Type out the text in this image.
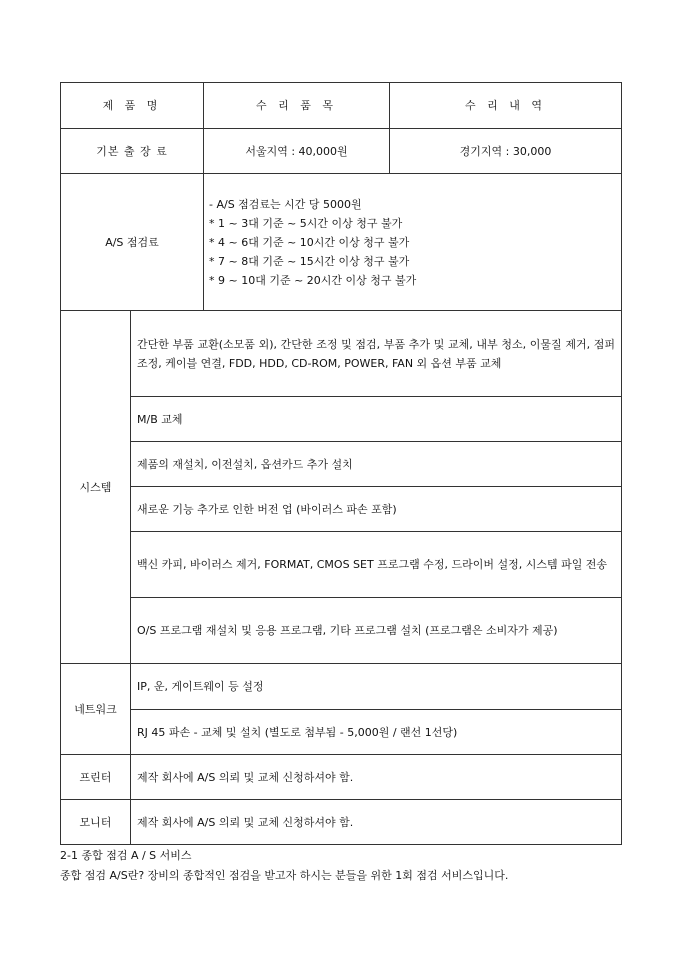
제 품 명		수 리 품 목	수 리 내 역
기본 출 장 료		서울지역 : 40,000원	경기지역 : 30,000
A/S 점검료		- A/S 점검료는 시간 당 5000원
* 1 ~ 3대 기준 ~ 5시간 이상 청구 불가
* 4 ~ 6대 기준 ~ 10시간 이상 청구 불가
* 7 ~ 8대 기준 ~ 15시간 이상 청구 불가
* 9 ~ 10대 기준 ~ 20시간 이상 청구 불가	

시스템	간단한 부품 교환(소모품 외), 간단한 조정 및 점검, 부품 추가 및 교체, 내부 청소, 이물질 제거, 점퍼 조정, 케이블 연결, FDD, HDD, CD-ROM, POWER, FAN 외 옵션 부품 교체		
	M/B 교체		
	제품의 재설치, 이전설치, 옵션카드 추가 설치		
	새로운 기능 추가로 인한 버전 업 (바이러스 파손 포함)		
	백신 카피, 바이러스 제거, FORMAT, CMOS SET 프로그램 수정, 드라이버 설정, 시스템 파일 전송		
	O/S 프로그램 재설치 및 응용 프로그램, 기타 프로그램 설치 (프로그램은 소비자가 제공)		
네트워크	IP, 운, 게이트웨이 등 설정		
	RJ 45 파손 - 교체 및 설치 (별도로 첨부됨 - 5,000원 / 랜선 1선당)		
프린터	제작 회사에 A/S 의뢰 및 교체 신청하셔야 함.		
모니터	제작 회사에 A/S 의뢰 및 교체 신청하셔야 함.		
2-1 종합 점검 A / S 서비스
종합 점검 A/S란? 장비의 종합적인 점검을 받고자 하시는 분들을 위한 1회 점검 서비스입니다.
